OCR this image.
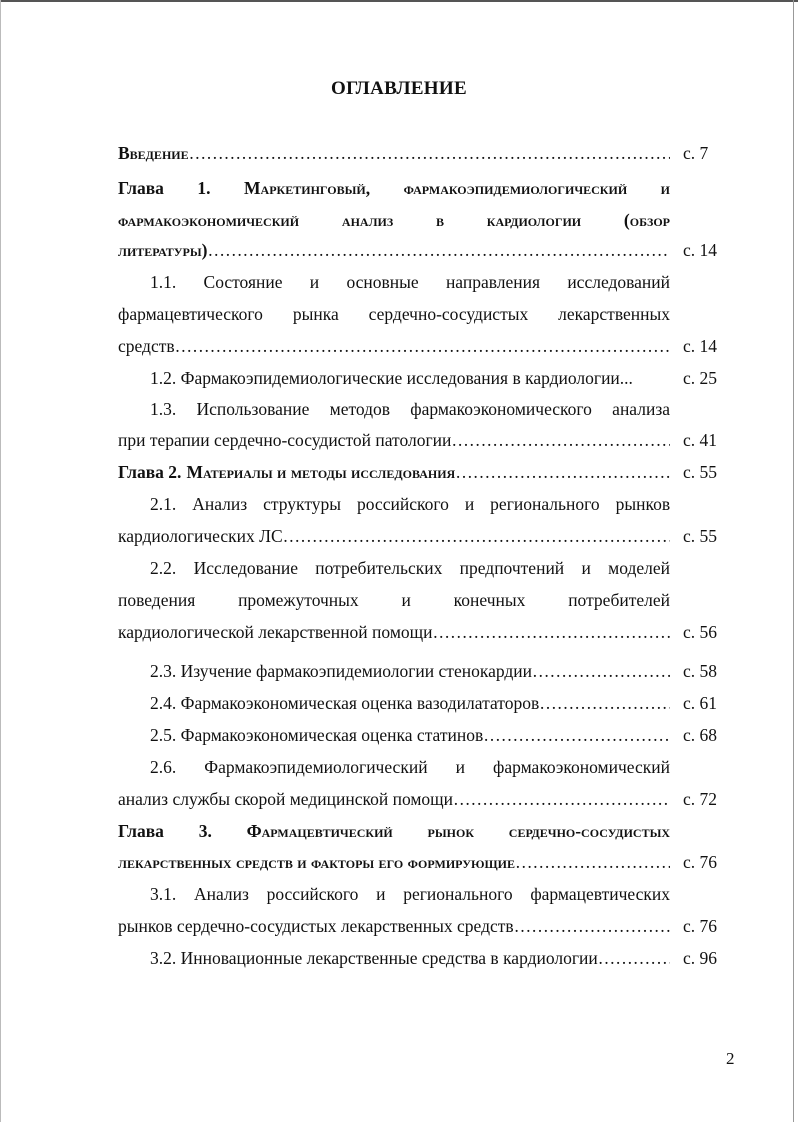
ОГЛАВЛЕНИЕ
Введение ……………………………………………………………………………………………………………………………………………	с. 7
Глава 1. Маркетинговый, фармакоэпидемиологический и
фармакоэкономический анализ в кардиологии (обзор
литературы) ……………………………………………………………………………………………………………………………………………	с. 14
1.1. Состояние и основные направления исследований
фармацевтического рынка сердечно-сосудистых лекарственных
средств ……………………………………………………………………………………………………………………………………………	с. 14
1.2. Фармакоэпидемиологические исследования в кардиологии...	с. 25
1.3. Использование методов фармакоэкономического анализа
при терапии сердечно-сосудистой патологии ……………………………………………………………………………………………………………………………………………	с. 41
Глава 2. Материалы и методы исследования ……………………………………………………………………………………………………………………………………………	с. 55
2.1. Анализ структуры российского и регионального рынков
кардиологических ЛС ……………………………………………………………………………………………………………………………………………	с. 55
2.2. Исследование потребительских предпочтений и моделей
поведения промежуточных и конечных потребителей
кардиологической лекарственной помощи ……………………………………………………………………………………………………………………………………………	с. 56
2.3. Изучение фармакоэпидемиологии стенокардии ……………………………………………………………………………………………………………………………………………	с. 58
2.4. Фармакоэкономическая оценка вазодилататоров ……………………………………………………………………………………………………………………………………………	с. 61
2.5. Фармакоэкономическая оценка статинов ……………………………………………………………………………………………………………………………………………	с. 68
2.6. Фармакоэпидемиологический и фармакоэкономический
анализ службы скорой медицинской помощи ……………………………………………………………………………………………………………………………………………	с. 72
Глава 3. Фармацевтический рынок сердечно-сосудистых
лекарственных средств и факторы его формирующие ……………………………………………………………………………………………………………………………………………	с. 76
3.1. Анализ российского и регионального фармацевтических
рынков сердечно-сосудистых лекарственных средств ……………………………………………………………………………………………………………………………………………	с. 76
3.2. Инновационные лекарственные средства в кардиологии ……………………………………………………………………………………………………………………………………………	с. 96
2
